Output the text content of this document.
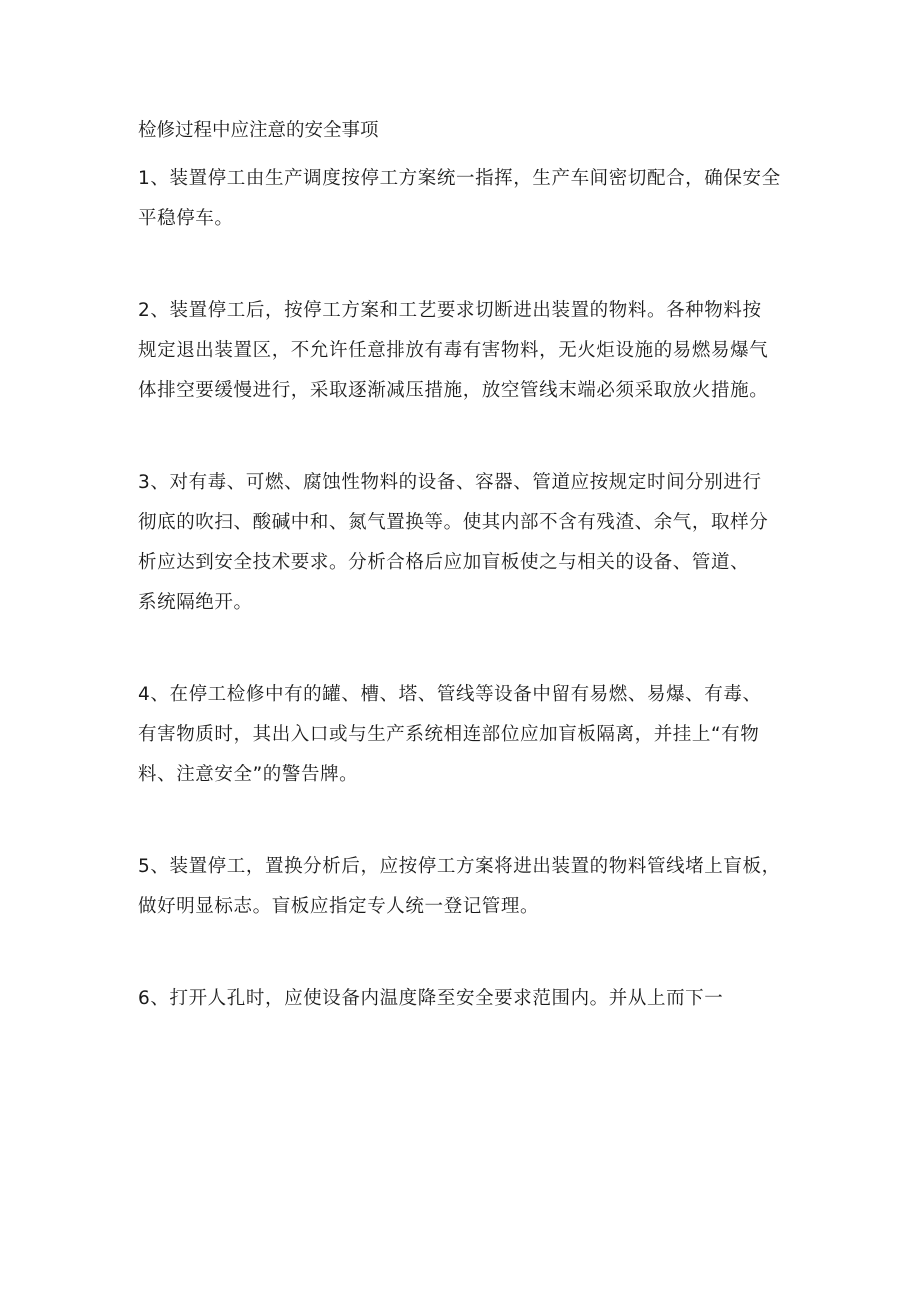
检修过程中应注意的安全事项

1、装置停工由生产调度按停工方案统一指挥，生产车间密切配合，确保安全
平稳停车。

2、装置停工后，按停工方案和工艺要求切断进出装置的物料。各种物料按
规定退出装置区，不允许任意排放有毒有害物料，无火炬设施的易燃易爆气
体排空要缓慢进行，采取逐渐减压措施，放空管线末端必须采取放火措施。

3、对有毒、可燃、腐蚀性物料的设备、容器、管道应按规定时间分别进行
彻底的吹扫、酸碱中和、氮气置换等。使其内部不含有残渣、余气，取样分
析应达到安全技术要求。分析合格后应加盲板使之与相关的设备、管道、
系统隔绝开。

4、在停工检修中有的罐、槽、塔、管线等设备中留有易燃、易爆、有毒、
有害物质时，其出入口或与生产系统相连部位应加盲板隔离，并挂上“有物
料、注意安全”的警告牌。

5、装置停工，置换分析后，应按停工方案将进出装置的物料管线堵上盲板，
做好明显标志。盲板应指定专人统一登记管理。

6、打开人孔时，应使设备内温度降至安全要求范围内。并从上而下一
